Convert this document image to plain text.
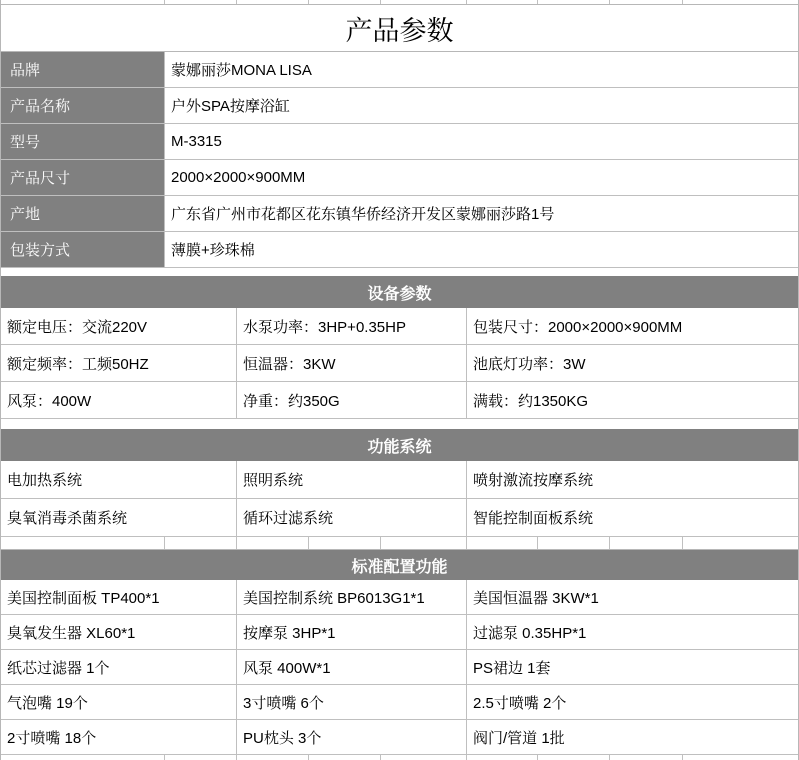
产品参数
品牌	蒙娜丽莎MONA LISA
产品名称	户外SPA按摩浴缸
型号	M-3315
产品尺寸	2000×2000×900MM
产地	广东省广州市花都区花东镇华侨经济开发区蒙娜丽莎路1号
包装方式	薄膜+珍珠棉
设备参数
额定电压：交流220V	水泵功率：3HP+0.35HP	包装尺寸：2000×2000×900MM
额定频率：工频50HZ	恒温器：3KW	池底灯功率：3W
风泵：400W	净重：约350G	满载：约1350KG
功能系统
电加热系统	照明系统	喷射激流按摩系统
臭氧消毒杀菌系统	循环过滤系统	智能控制面板系统
标准配置功能
美国控制面板 TP400*1	美国控制系统 BP6013G1*1	美国恒温器 3KW*1
臭氧发生器 XL60*1	按摩泵 3HP*1	过滤泵 0.35HP*1
纸芯过滤器 1个	风泵 400W*1	PS裙边 1套
气泡嘴 19个	3寸喷嘴 6个	2.5寸喷嘴 2个
2寸喷嘴 18个	PU枕头 3个	阀门/管道 1批
